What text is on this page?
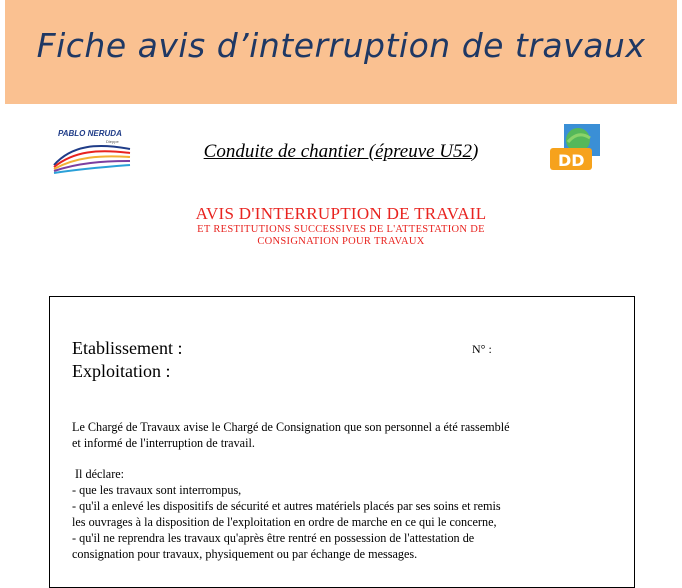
Fiche avis d’interruption de travaux
PABLO NERUDA
Dieppe
DD
Conduite de chantier (épreuve U52)
AVIS D'INTERRUPTION DE TRAVAIL
ET RESTITUTIONS SUCCESSIVES DE L'ATTESTATION DE
CONSIGNATION POUR TRAVAUX
Etablissement :
Exploitation :
N° :
Le Chargé de Travaux avise le Chargé de Consignation que son personnel a été rassemblé
et informé de l'interruption de travail.
Il déclare:
- que les travaux sont interrompus,
- qu'il a enlevé les dispositifs de sécurité et autres matériels placés par ses soins et remis
les ouvrages à la disposition de l'exploitation en ordre de marche en ce qui le concerne,
- qu'il ne reprendra les travaux qu'après être rentré en possession de l'attestation de
consignation pour travaux, physiquement ou par échange de messages.
